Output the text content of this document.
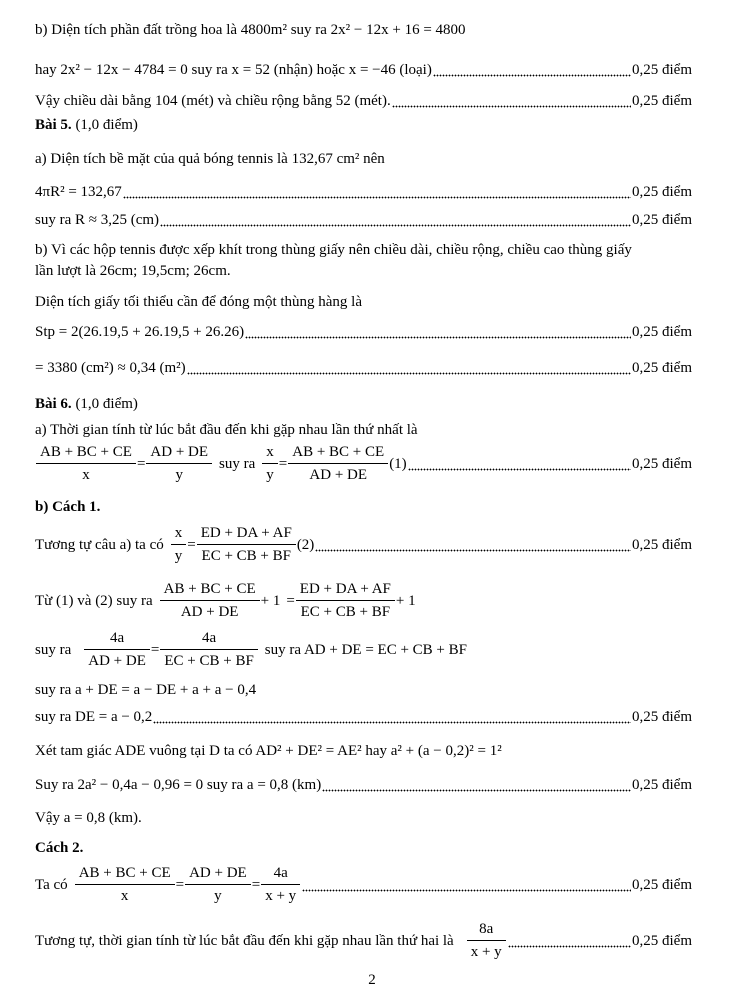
b) Diện tích phần đất trồng hoa là 4800m² suy ra 2x² − 12x + 16 = 4800
hay 2x² − 12x − 4784 = 0 suy ra x = 52 (nhận) hoặc x = −46 (loại)	0,25 điểm
Vậy chiều dài bằng 104 (mét) và chiều rộng bằng 52 (mét).	0,25 điểm
Bài 5. (1,0 điểm)
a) Diện tích bề mặt của quả bóng tennis là 132,67 cm² nên
4πR² = 132,67	0,25 điểm
suy ra R ≈ 3,25 (cm)	0,25 điểm
b) Vì các hộp tennis được xếp khít trong thùng giấy nên chiều dài, chiều rộng, chiều cao thùng giấy
lần lượt là 26cm; 19,5cm; 26cm.
Diện tích giấy tối thiểu cần để đóng một thùng hàng là
Stp = 2(26.19,5 + 26.19,5 + 26.26)	0,25 điểm
= 3380 (cm²) ≈ 0,34 (m²)	0,25 điểm
Bài 6. (1,0 điểm)
a) Thời gian tính từ lúc bắt đầu đến khi gặp nhau lần thứ nhất là
$\frac{AB + BC + CE}{x} = \frac{AD + DE}{y}$ suy ra $\frac{x}{y} = \frac{AB + BC + CE}{AD + DE} (1)$	0,25 điểm
b) Cách 1.
Tương tự câu a) ta có $\frac{x}{y} = \frac{ED + DA + AF}{EC + CB + BF} (2)$	0,25 điểm
Từ (1) và (2) suy ra $\frac{AB + BC + CE}{AD + DE} + 1 = \frac{ED + DA + AF}{EC + CB + BF} + 1$
suy ra $\frac{4a}{AD + DE} = \frac{4a}{EC + CB + BF}$ suy ra AD + DE = EC + CB + BF
suy ra a + DE = a − DE + a + a − 0,4
suy ra DE = a − 0,2	0,25 điểm
Xét tam giác ADE vuông tại D ta có AD² + DE² = AE² hay a² + (a − 0,2)² = 1²
Suy ra 2a² − 0,4a − 0,96 = 0 suy ra a = 0,8 (km)	0,25 điểm
Vậy a = 0,8 (km).
Cách 2.
Ta có $\frac{AB + BC + CE}{x} = \frac{AD + DE}{y} = \frac{4a}{x + y}$	0,25 điểm
Tương tự, thời gian tính từ lúc bắt đầu đến khi gặp nhau lần thứ hai là $\frac{8a}{x + y}$	0,25 điểm
2
